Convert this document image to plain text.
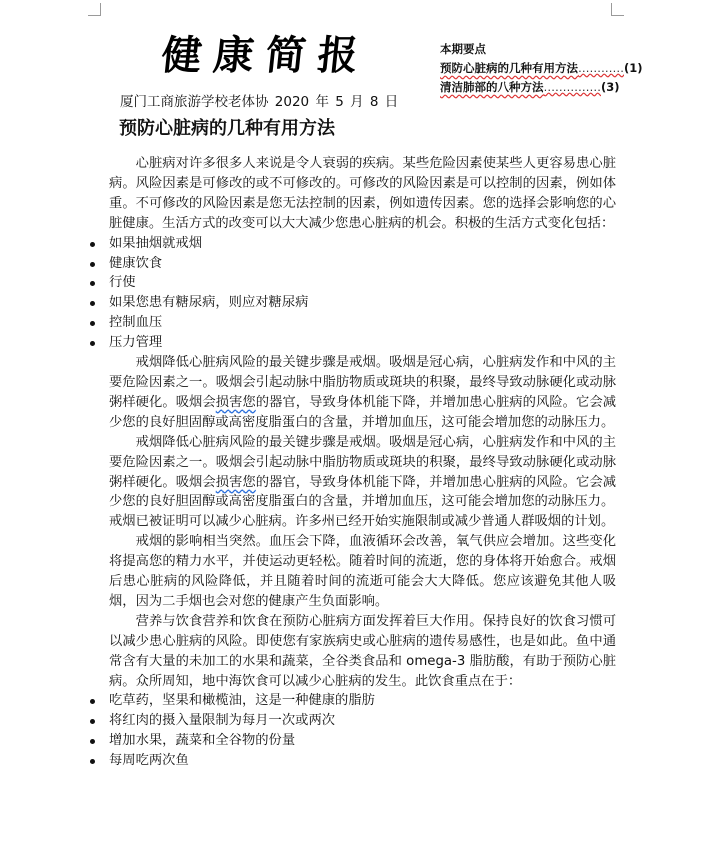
健康简报	本期要点
预防心脏病的几种有用方法…………(1)
清洁肺部的八种方法……………(3)
厦门工商旅游学校老体协 2020 年 5 月 8 日
预防心脏病的几种有用方法

心脏病对许多很多人来说是令人衰弱的疾病。某些危险因素使某些人更容易患心脏病。风险因素是可修改的或不可修改的。可修改的风险因素是可以控制的因素，例如体重。不可修改的风险因素是您无法控制的因素，例如遗传因素。您的选择会影响您的心脏健康。生活方式的改变可以大大减少您患心脏病的机会。积极的生活方式变化包括：

如果抽烟就戒烟
健康饮食
行使
如果您患有糖尿病，则应对糖尿病
控制血压
压力管理

戒烟降低心脏病风险的最关键步骤是戒烟。吸烟是冠心病，心脏病发作和中风的主要危险因素之一。吸烟会引起动脉中脂肪物质或斑块的积聚，最终导致动脉硬化或动脉粥样硬化。吸烟会损害您的器官，导致身体机能下降，并增加患心脏病的风险。它会减少您的良好胆固醇或高密度脂蛋白的含量，并增加血压，这可能会增加您的动脉压力。

戒烟降低心脏病风险的最关键步骤是戒烟。吸烟是冠心病，心脏病发作和中风的主要危险因素之一。吸烟会引起动脉中脂肪物质或斑块的积聚，最终导致动脉硬化或动脉粥样硬化。吸烟会损害您的器官，导致身体机能下降，并增加患心脏病的风险。它会减少您的良好胆固醇或高密度脂蛋白的含量，并增加血压，这可能会增加您的动脉压力。

戒烟已被证明可以减少心脏病。许多州已经开始实施限制或减少普通人群吸烟的计划。

戒烟的影响相当突然。血压会下降，血液循环会改善，氧气供应会增加。这些变化将提高您的精力水平，并使运动更轻松。随着时间的流逝，您的身体将开始愈合。戒烟后患心脏病的风险降低，并且随着时间的流逝可能会大大降低。您应该避免其他人吸烟，因为二手烟也会对您的健康产生负面影响。

营养与饮食营养和饮食在预防心脏病方面发挥着巨大作用。保持良好的饮食习惯可以减少患心脏病的风险。即使您有家族病史或心脏病的遗传易感性，也是如此。鱼中通常含有大量的未加工的水果和蔬菜，全谷类食品和 omega-3 脂肪酸，有助于预防心脏病。众所周知，地中海饮食可以减少心脏病的发生。此饮食重点在于：

吃草药，坚果和橄榄油，这是一种健康的脂肪
将红肉的摄入量限制为每月一次或两次
增加水果，蔬菜和全谷物的份量
每周吃两次鱼
